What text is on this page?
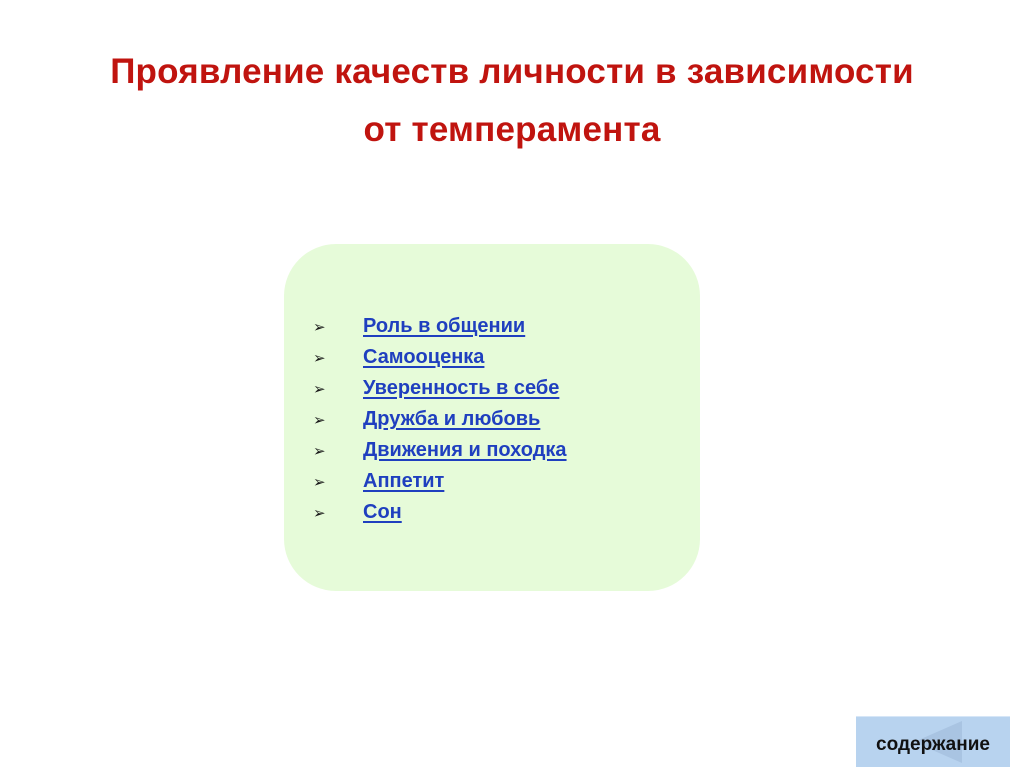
Проявление качеств личности в зависимости
от темперамента
➢	Роль в общении
➢	Самооценка
➢	Уверенность в себе
➢	Дружба и любовь
➢	Движения и походка
➢	Аппетит
➢	Сон
содержание
